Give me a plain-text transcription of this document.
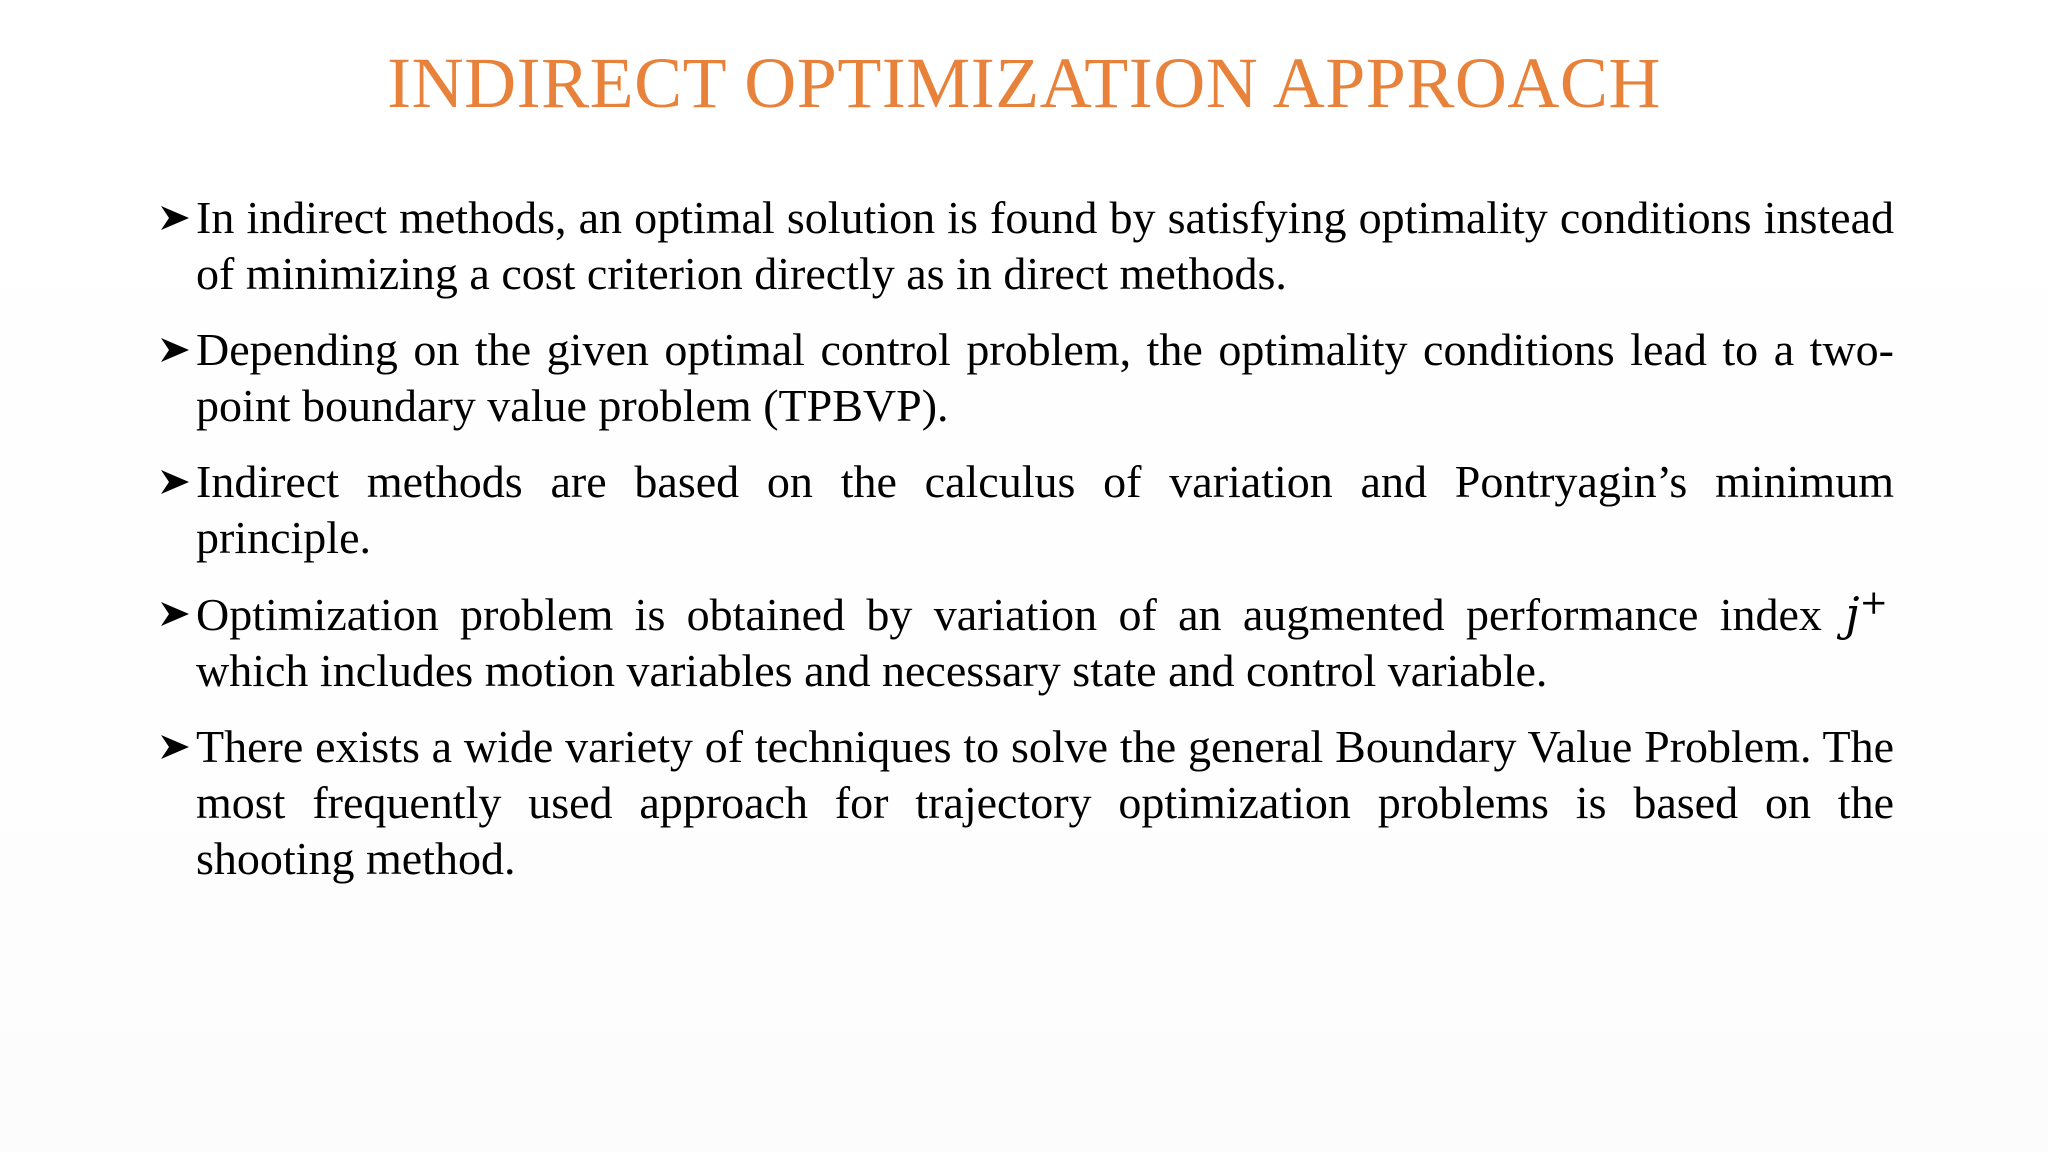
INDIRECT OPTIMIZATION APPROACH
In indirect methods, an optimal solution is found by satisfying optimality conditions instead of minimizing a cost criterion directly as in direct methods.
Depending on the given optimal control problem, the optimality conditions lead to a two-point boundary value problem (TPBVP).
Indirect methods are based on the calculus of variation and Pontryagin’s minimum principle.
Optimization problem is obtained by variation of an augmented performance index j+ which includes motion variables and necessary state and control variable.
There exists a wide variety of techniques to solve the general Boundary Value Problem. The most frequently used approach for trajectory optimization problems is based on the shooting method.
